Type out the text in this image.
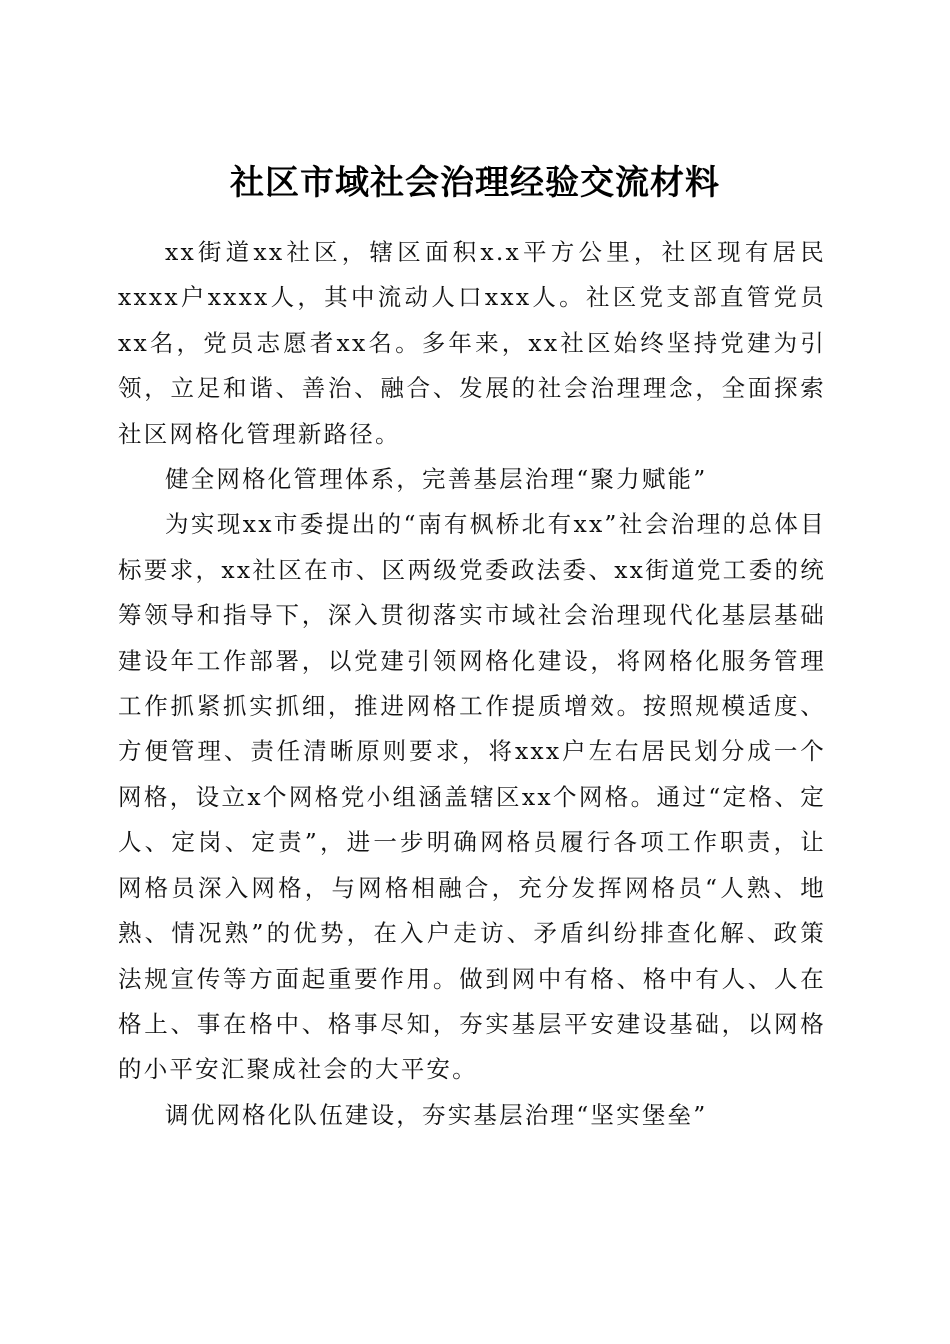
社区市域社会治理经验交流材料

xx街道xx社区，辖区面积x.x平方公里，社区现有居民xxxx户xxxx人，其中流动人口xxx人。社区党支部直管党员xx名，党员志愿者xx名。多年来，xx社区始终坚持党建为引领，立足和谐、善治、融合、发展的社会治理理念，全面探索社区网格化管理新路径。

健全网格化管理体系，完善基层治理“聚力赋能”

为实现xx市委提出的“南有枫桥北有xx”社会治理的总体目标要求，xx社区在市、区两级党委政法委、xx街道党工委的统筹领导和指导下，深入贯彻落实市域社会治理现代化基层基础建设年工作部署，以党建引领网格化建设，将网格化服务管理工作抓紧抓实抓细，推进网格工作提质增效。按照规模适度、方便管理、责任清晰原则要求，将xxx户左右居民划分成一个网格，设立x个网格党小组涵盖辖区xx个网格。通过“定格、定人、定岗、定责”，进一步明确网格员履行各项工作职责，让网格员深入网格，与网格相融合，充分发挥网格员“人熟、地熟、情况熟”的优势，在入户走访、矛盾纠纷排查化解、政策法规宣传等方面起重要作用。做到网中有格、格中有人、人在格上、事在格中、格事尽知，夯实基层平安建设基础，以网格的小平安汇聚成社会的大平安。

调优网格化队伍建设，夯实基层治理“坚实堡垒”
